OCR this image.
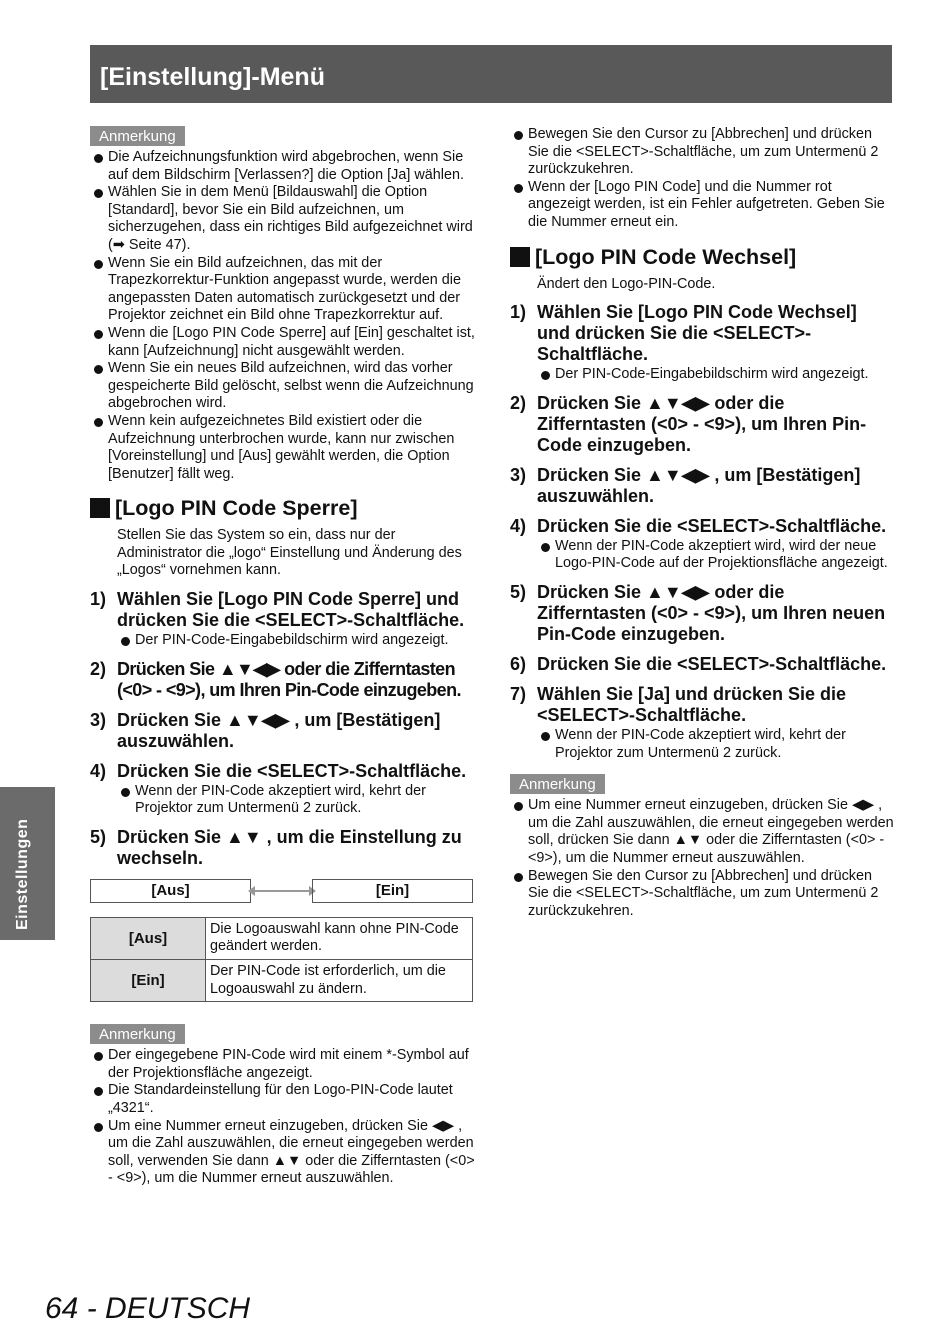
[Einstellung]-Menü
Anmerkung
Die Aufzeichnungsfunktion wird abgebrochen, wenn Sie auf dem Bildschirm [Verlassen?] die Option [Ja] wählen.
Wählen Sie in dem Menü [Bildauswahl] die Option [Standard], bevor Sie ein Bild aufzeichnen, um sicherzugehen, dass ein richtiges Bild aufgezeichnet wird (➡ Seite 47).
Wenn Sie ein Bild aufzeichnen, das mit der Trapezkorrektur-Funktion angepasst wurde, werden die angepassten Daten automatisch zurückgesetzt und der Projektor zeichnet ein Bild ohne Trapezkorrektur auf.
Wenn die [Logo PIN Code Sperre] auf [Ein] geschaltet ist, kann [Aufzeichnung] nicht ausgewählt werden.
Wenn Sie ein neues Bild aufzeichnen, wird das vorher gespeicherte Bild gelöscht, selbst wenn die Aufzeichnung abgebrochen wird.
Wenn kein aufgezeichnetes Bild existiert oder die Aufzeichnung unterbrochen wurde, kann nur zwischen [Voreinstellung] und [Aus] gewählt werden, die Option [Benutzer] fällt weg.
[Logo PIN Code Sperre]
Stellen Sie das System so ein, dass nur der Administrator die „logo“ Einstellung und Änderung des „Logos“ vornehmen kann.
1) Wählen Sie [Logo PIN Code Sperre] und drücken Sie die <SELECT>-Schaltfläche.
Der PIN-Code-Eingabebildschirm wird angezeigt.
2) Drücken Sie ▲▼◀▶ oder die Zifferntasten (<0> - <9>), um Ihren Pin-Code einzugeben.
3) Drücken Sie ▲▼◀▶ , um [Bestätigen] auszuwählen.
4) Drücken Sie die <SELECT>-Schaltfläche.
Wenn der PIN-Code akzeptiert wird, kehrt der Projektor zum Untermenü 2 zurück.
5) Drücken Sie ▲▼ , um die Einstellung zu wechseln.
[Aus]	[Ein]
[Aus]	Die Logoauswahl kann ohne PIN-Code geändert werden.
[Ein]	Der PIN-Code ist erforderlich, um die Logoauswahl zu ändern.
Anmerkung
Der eingegebene PIN-Code wird mit einem *-Symbol auf der Projektionsfläche angezeigt.
Die Standardeinstellung für den Logo-PIN-Code lautet „4321“.
Um eine Nummer erneut einzugeben, drücken Sie ◀▶ , um die Zahl auszuwählen, die erneut eingegeben werden soll, verwenden Sie dann ▲▼ oder die Zifferntasten (<0> - <9>), um die Nummer erneut auszuwählen.
Bewegen Sie den Cursor zu [Abbrechen] und drücken Sie die <SELECT>-Schaltfläche, um zum Untermenü 2 zurückzukehren.
Wenn der [Logo PIN Code] und die Nummer rot angezeigt werden, ist ein Fehler aufgetreten. Geben Sie die Nummer erneut ein.
[Logo PIN Code Wechsel]
Ändert den Logo-PIN-Code.
1) Wählen Sie [Logo PIN Code Wechsel] und drücken Sie die <SELECT>-Schaltfläche.
Der PIN-Code-Eingabebildschirm wird angezeigt.
2) Drücken Sie ▲▼◀▶ oder die Zifferntasten (<0> - <9>), um Ihren Pin-Code einzugeben.
3) Drücken Sie ▲▼◀▶ , um [Bestätigen] auszuwählen.
4) Drücken Sie die <SELECT>-Schaltfläche.
Wenn der PIN-Code akzeptiert wird, wird der neue Logo-PIN-Code auf der Projektionsfläche angezeigt.
5) Drücken Sie ▲▼◀▶ oder die Zifferntasten (<0> - <9>), um Ihren neuen Pin-Code einzugeben.
6) Drücken Sie die <SELECT>-Schaltfläche.
7) Wählen Sie [Ja] und drücken Sie die <SELECT>-Schaltfläche.
Wenn der PIN-Code akzeptiert wird, kehrt der Projektor zum Untermenü 2 zurück.
Anmerkung
Um eine Nummer erneut einzugeben, drücken Sie ◀▶ , um die Zahl auszuwählen, die erneut eingegeben werden soll, drücken Sie dann ▲▼ oder die Zifferntasten (<0> - <9>), um die Nummer erneut auszuwählen.
Bewegen Sie den Cursor zu [Abbrechen] und drücken Sie die <SELECT>-Schaltfläche, um zum Untermenü 2 zurückzukehren.
Einstellungen
64 - DEUTSCH
